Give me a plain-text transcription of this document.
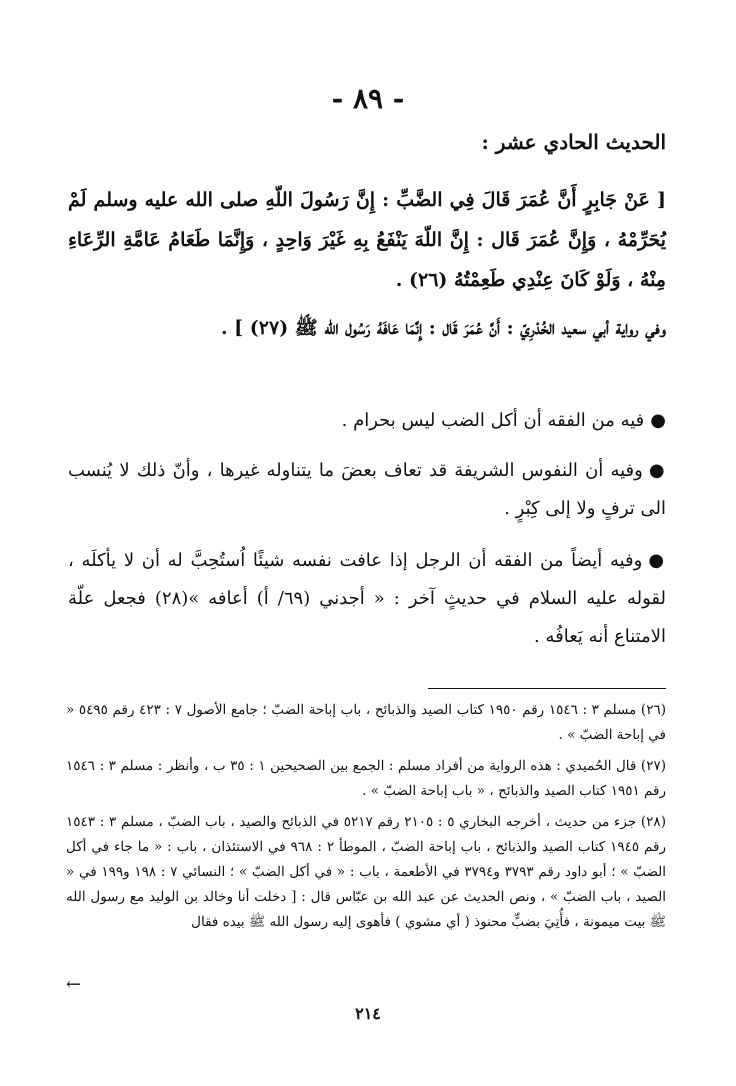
- ٨٩ -
الحديث الحادي عشر :
[ عَنْ جَابِرٍ أَنَّ عُمَرَ قَالَ فِي الضَّبِّ : إِنَّ رَسُولَ اللّهِ صلى الله عليه وسلم لَمْ يُحَرِّمْهُ ، وَإِنَّ عُمَرَ قَال : إِنَّ اللّهَ يَنْفَعُ بِهِ غَيْرَ وَاحِدٍ ، وَإِنَّمَا طَعَامُ عَامَّةِ الرِّعَاءِ مِنْهُ ، وَلَوْ كَانَ عِنْدِي طَعِمْتُهُ (٢٦) .
وفي رواية أبي سعيد الخُدْرِيّ : أَنَّ عُمَرَ قَال : إِنَّمَا عَافَهُ رَسُول الله ﷺ (٢٧) ] .
●فيه من الفقه أن أكل الضب ليس بحرام .
●وفيه أن النفوس الشريفة قد تعاف بعضَ ما يتناوله غيرها ، وأنّ ذلك لا يُنسب الى ترفٍ ولا إلى كِبْرٍ .
●وفيه أيضاً من الفقه أن الرجل إذا عافت نفسه شيئًا اُستُحِبَّ له أن لا يأكلَه ، لقوله عليه السلام في حديثٍ آخر : « أجدني (٦٩/ أ) أعافه »(٢٨) فجعل علّة الامتناع أنه يَعافُه .
(٢٦) مسلم ٣ : ١٥٤٦ رقم ١٩٥٠ كتاب الصيد والذبائح ، باب إباحة الضبّ ؛ جامع الأصول ٧ : ٤٢٣ رقم ٥٤٩٥ « في إباحة الضبّ » .
(٢٧) قال الحُميدي : هذه الرواية من أفراد مسلم : الجمع بين الصحيحين ١ : ٣٥ ب ، وأنظر : مسلم ٣ : ١٥٤٦ رقم ١٩٥١ كتاب الصيد والذبائح ، « باب إباحة الضبّ » .
(٢٨) جزء من حديث ، أخرجه البخاري ٥ : ٢١٠٥ رقم ٥٢١٧ في الذبائح والصيد ، باب الضبّ ، مسلم ٣ : ١٥٤٣ رقم ١٩٤٥ كتاب الصيد والذبائح ، باب إباحة الضبّ ، الموطأ ٢ : ٩٦٨ في الاستئذان ، باب : « ما جاء في أكل الضبّ » ؛ أبو داود رقم ٣٧٩٣ و٣٧٩٤ في الأطعمة ، باب : « في أكل الضبّ » ؛ النسائي ٧ : ١٩٨ و١٩٩ في « الصيد ، باب الضبّ » ، ونص الحديث عن عبد الله بن عبّاس قال : [ دخلت أنا وخالد بن الوليد مع رسول الله ﷺ بيت ميمونة ، فأُتِيَ بضبٍّ محنوذ ( أي مشوي ) فأهوى إليه رسول الله ﷺ بيده فقال
←
٢١٤
